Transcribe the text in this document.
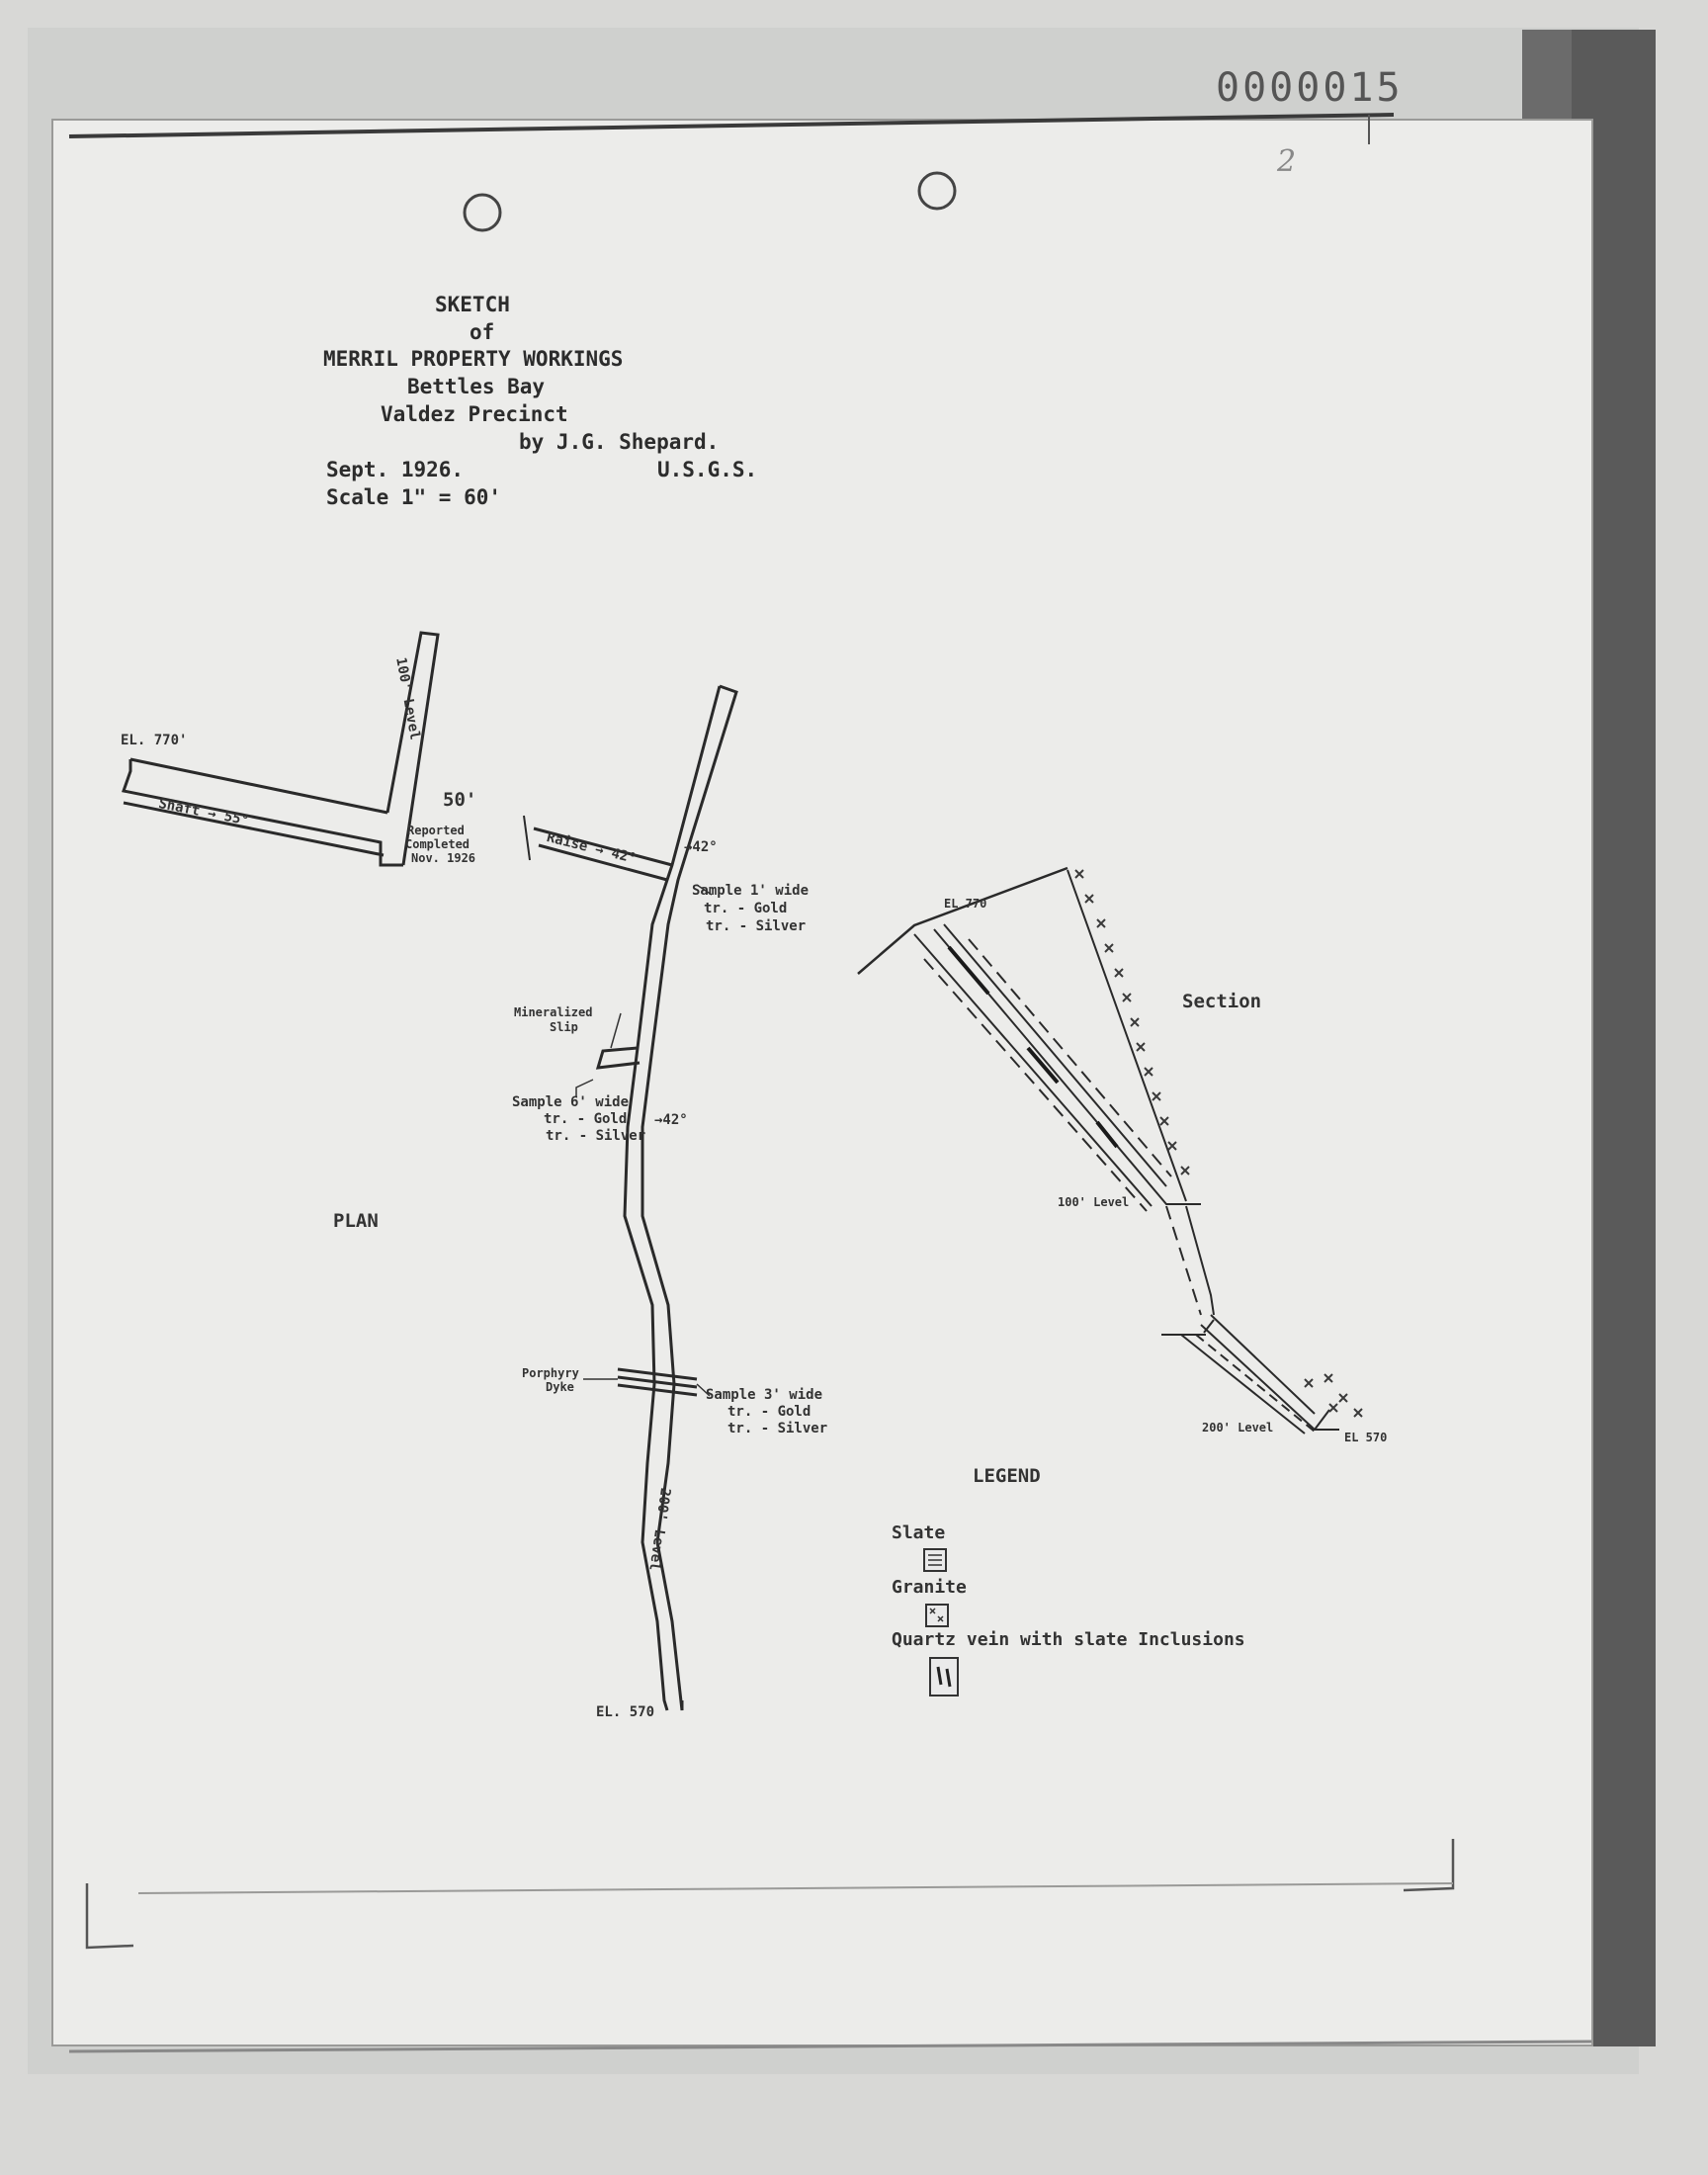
0000015
2
SKETCH
of
MERRIL PROPERTY WORKINGS
Bettles Bay
Valdez Precinct
by J.G. Shepard.
Sept. 1926.	U.S.G.S.
Scale 1" = 60'
EL. 770'
Shaft → 55°
100' Level
50'
Reported
Completed
Nov. 1926	Raise → 42°	→42°
Sample 1' wide
tr. - Gold
tr. - Silver
Mineralized
Slip
Sample 6' wide
tr. - Gold
tr. - Silver
→42°
PLAN
Porphyry
Dyke	Sample 3' wide
tr. - Gold
tr. - Silver
200' Level
EL. 570
EL 770
Section
100' Level
200' Level
EL 570
LEGEND
Slate
Granite
Quartz vein with slate Inclusions
